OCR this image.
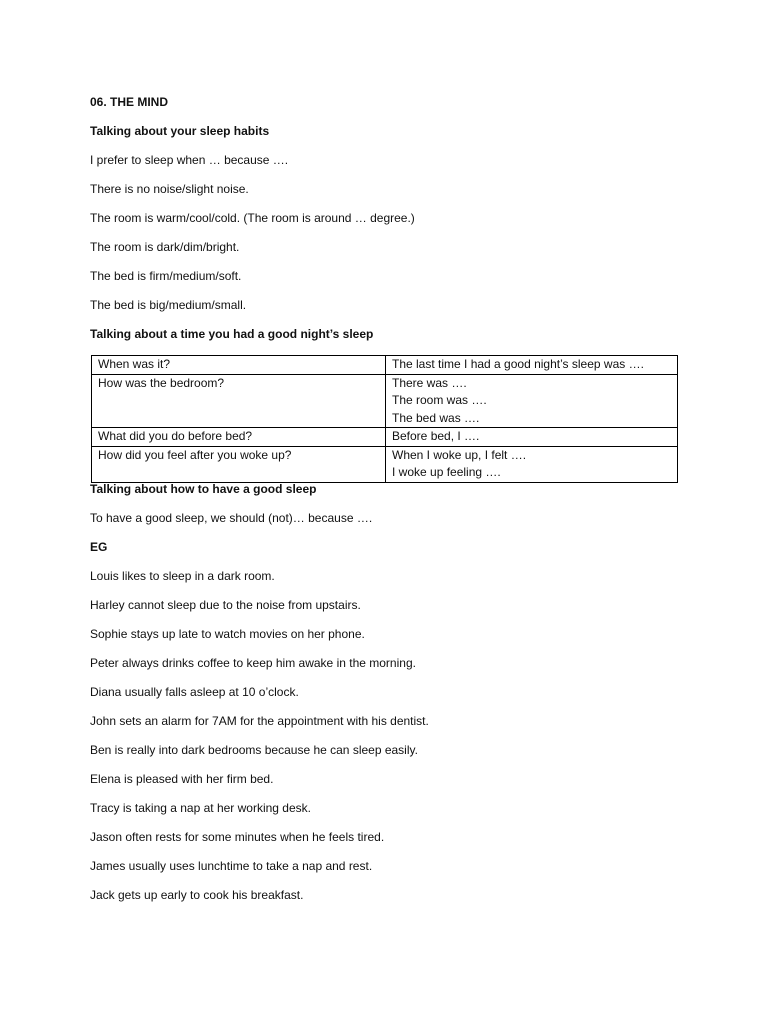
06. THE MIND
Talking about your sleep habits
I prefer to sleep when … because ….
There is no noise/slight noise.
The room is warm/cool/cold. (The room is around … degree.)
The room is dark/dim/bright.
The bed is firm/medium/soft.
The bed is big/medium/small.
Talking about a time you had a good night’s sleep
When was it?	The last time I had a good night’s sleep was ….

How was the bedroom?	There was ….
The room was ….
The bed was ….

What did you do before bed?	Before bed, I ….

How did you feel after you woke up?	When I woke up, I felt ….
I woke up feeling ….
Talking about how to have a good sleep
To have a good sleep, we should (not)… because ….
EG
Louis likes to sleep in a dark room.
Harley cannot sleep due to the noise from upstairs.
Sophie stays up late to watch movies on her phone.
Peter always drinks coffee to keep him awake in the morning.
Diana usually falls asleep at 10 o’clock.
John sets an alarm for 7AM for the appointment with his dentist.
Ben is really into dark bedrooms because he can sleep easily.
Elena is pleased with her firm bed.
Tracy is taking a nap at her working desk.
Jason often rests for some minutes when he feels tired.
James usually uses lunchtime to take a nap and rest.
Jack gets up early to cook his breakfast.
